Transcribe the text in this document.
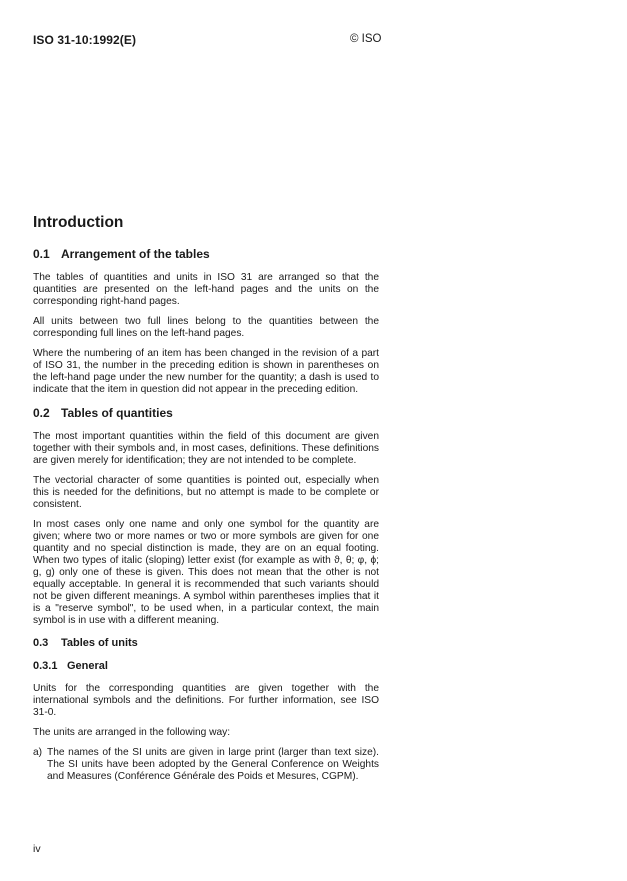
ISO 31-10:1992(E)	© ISO
Introduction
0.1 Arrangement of the tables

The tables of quantities and units in ISO 31 are arranged so that the quantities are presented on the left-hand pages and the units on the corresponding right-hand pages.

All units between two full lines belong to the quantities between the corresponding full lines on the left-hand pages.

Where the numbering of an item has been changed in the revision of a part of ISO 31, the number in the preceding edition is shown in parentheses on the left-hand page under the new number for the quantity; a dash is used to indicate that the item in question did not appear in the preceding edition.

0.2 Tables of quantities

The most important quantities within the field of this document are given together with their symbols and, in most cases, definitions. These definitions are given merely for identification; they are not intended to be complete.

The vectorial character of some quantities is pointed out, especially when this is needed for the definitions, but no attempt is made to be complete or consistent.

In most cases only one name and only one symbol for the quantity are given; where two or more names or two or more symbols are given for one quantity and no special distinction is made, they are on an equal footing. When two types of italic (sloping) letter exist (for example as with ϑ, θ; φ, ϕ; g, g) only one of these is given. This does not mean that the other is not equally acceptable. In general it is recommended that such variants should not be given different meanings. A symbol within parentheses implies that it is a "reserve symbol", to be used when, in a particular context, the main symbol is in use with a different meaning.

0.3 Tables of units
0.3.1 General

Units for the corresponding quantities are given together with the international symbols and the definitions. For further information, see ISO 31-0.

The units are arranged in the following way:

a) The names of the SI units are given in large print (larger than text size). The SI units have been adopted by the General Conference on Weights and Measures (Conférence Générale des Poids et Mesures, CGPM).
iv
